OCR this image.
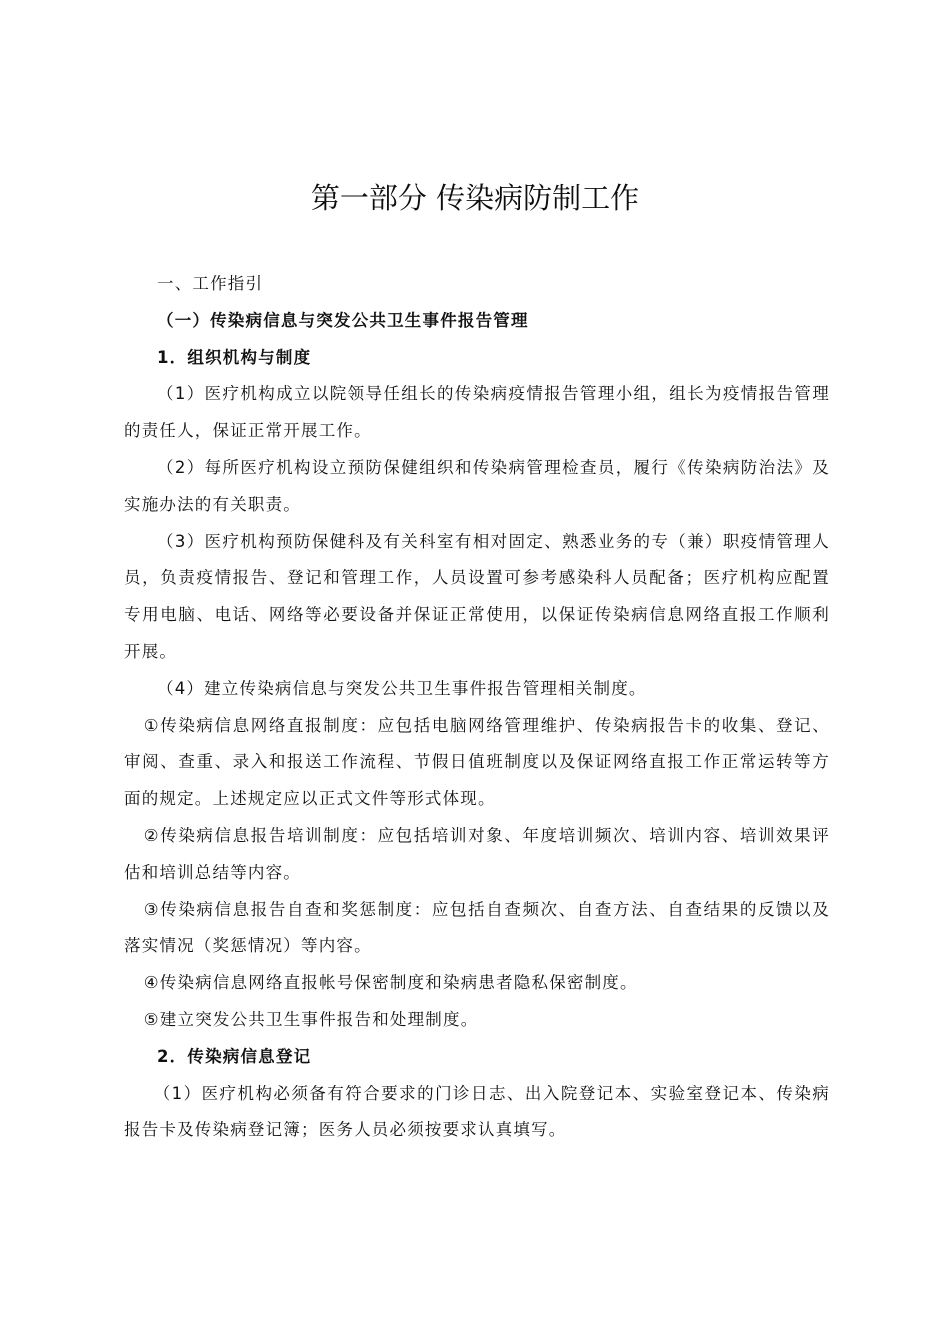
第一部分 传染病防制工作

一、工作指引

（一）传染病信息与突发公共卫生事件报告管理

1．组织机构与制度

（1）医疗机构成立以院领导任组长的传染病疫情报告管理小组，组长为疫情报告管理的责任人，保证正常开展工作。

（2）每所医疗机构设立预防保健组织和传染病管理检查员，履行《传染病防治法》及实施办法的有关职责。

（3）医疗机构预防保健科及有关科室有相对固定、熟悉业务的专（兼）职疫情管理人员，负责疫情报告、登记和管理工作，人员设置可参考感染科人员配备；医疗机构应配置专用电脑、电话、网络等必要设备并保证正常使用，以保证传染病信息网络直报工作顺利开展。

（4）建立传染病信息与突发公共卫生事件报告管理相关制度。

①传染病信息网络直报制度：应包括电脑网络管理维护、传染病报告卡的收集、登记、审阅、查重、录入和报送工作流程、节假日值班制度以及保证网络直报工作正常运转等方面的规定。上述规定应以正式文件等形式体现。

②传染病信息报告培训制度：应包括培训对象、年度培训频次、培训内容、培训效果评估和培训总结等内容。

③传染病信息报告自查和奖惩制度：应包括自查频次、自查方法、自查结果的反馈以及落实情况（奖惩情况）等内容。

④传染病信息网络直报帐号保密制度和染病患者隐私保密制度。

⑤建立突发公共卫生事件报告和处理制度。

2．传染病信息登记

（1）医疗机构必须备有符合要求的门诊日志、出入院登记本、实验室登记本、传染病报告卡及传染病登记簿；医务人员必须按要求认真填写。
